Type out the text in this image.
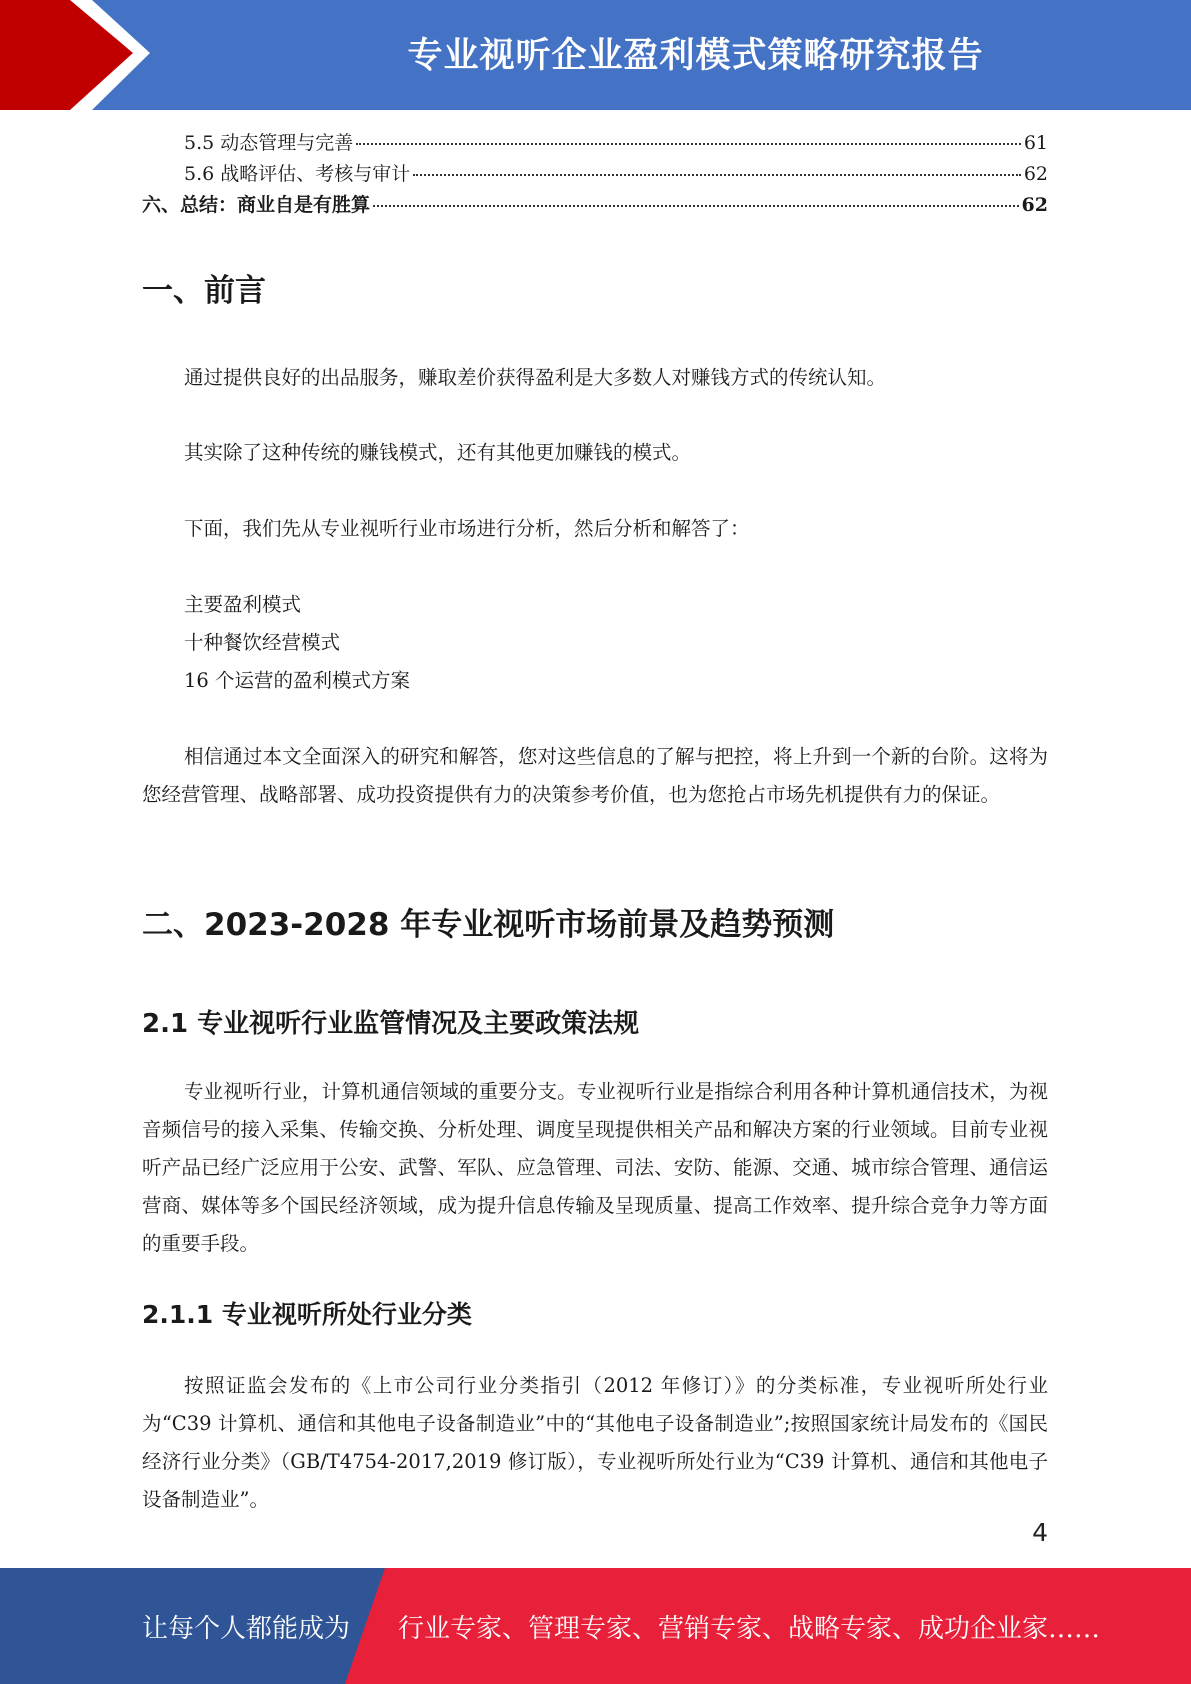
专业视听企业盈利模式策略研究报告
5.5 动态管理与完善	61
5.6 战略评估、考核与审计	62
六、总结：商业自是有胜算	62
一、前言

通过提供良好的出品服务，赚取差价获得盈利是大多数人对赚钱方式的传统认知。

其实除了这种传统的赚钱模式，还有其他更加赚钱的模式。

下面，我们先从专业视听行业市场进行分析，然后分析和解答了：

主要盈利模式

十种餐饮经营模式

16 个运营的盈利模式方案

相信通过本文全面深入的研究和解答，您对这些信息的了解与把控，将上升到一个新的台阶。这将为您经营管理、战略部署、成功投资提供有力的决策参考价值，也为您抢占市场先机提供有力的保证。

二、2023-2028 年专业视听市场前景及趋势预测
2.1 专业视听行业监管情况及主要政策法规

专业视听行业，计算机通信领域的重要分支。专业视听行业是指综合利用各种计算机通信技术，为视音频信号的接入采集、传输交换、分析处理、调度呈现提供相关产品和解决方案的行业领域。目前专业视听产品已经广泛应用于公安、武警、军队、应急管理、司法、安防、能源、交通、城市综合管理、通信运营商、媒体等多个国民经济领域，成为提升信息传输及呈现质量、提高工作效率、提升综合竞争力等方面的重要手段。

2.1.1 专业视听所处行业分类

按照证监会发布的《上市公司行业分类指引（2012 年修订）》的分类标准，专业视听所处行业为“C39 计算机、通信和其他电子设备制造业”中的“其他电子设备制造业”;按照国家统计局发布的《国民经济行业分类》（GB/T4754-2017,2019 修订版），专业视听所处行业为“C39 计算机、通信和其他电子设备制造业”。

4
让每个人都能成为 行业专家、管理专家、营销专家、战略专家、成功企业家……
